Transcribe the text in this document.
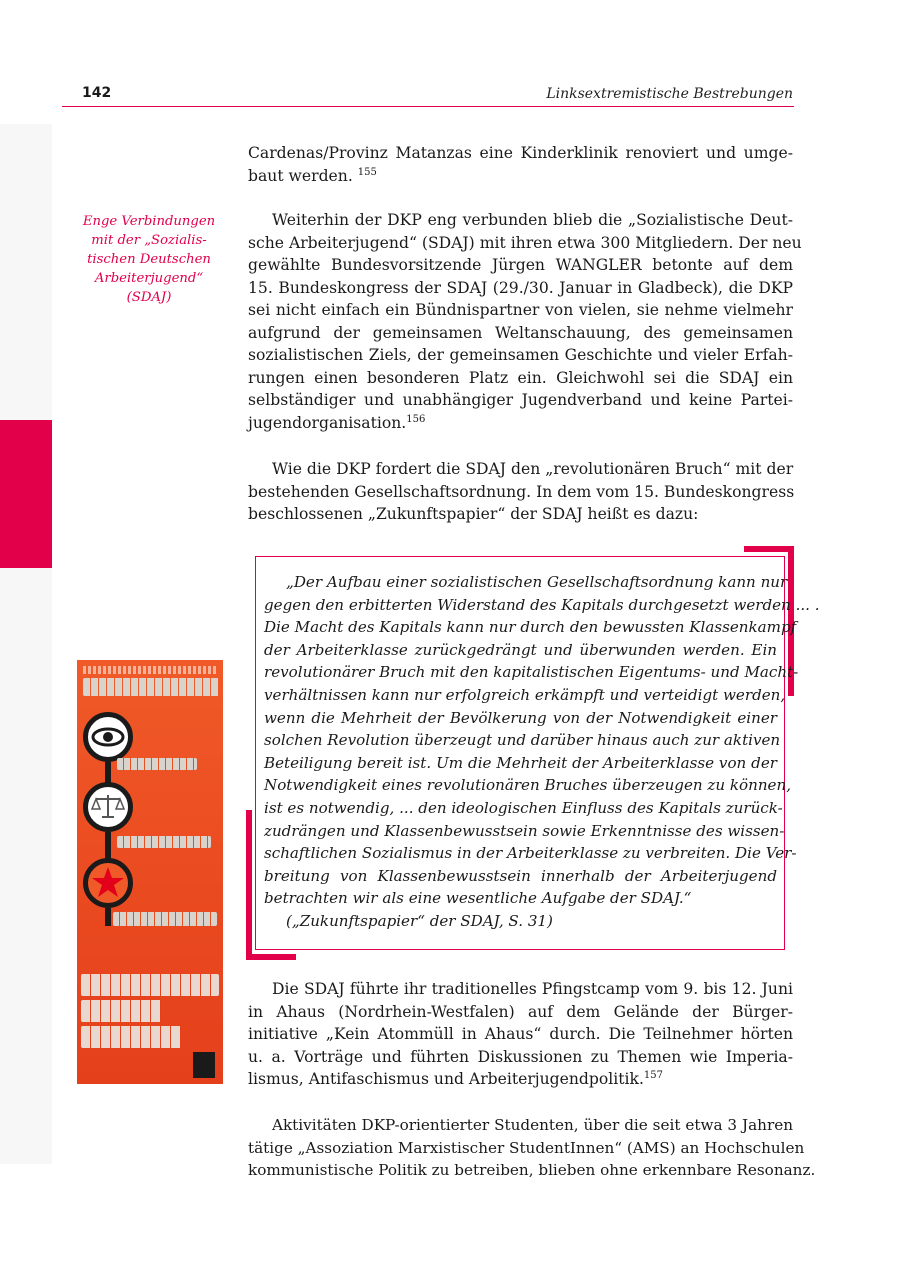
142	Linksextremistische Bestrebungen
Enge Verbindungen
mit der „Sozialis-
tischen Deutschen
Arbeiterjugend“
(SDAJ)
Cardenas/Provinz Matanzas eine Kinderklinik renoviert und umge-
baut werden. $^{155}$
Weiterhin der DKP eng verbunden blieb die „Sozialistische Deut-
sche Arbeiterjugend“ (SDAJ) mit ihren etwa 300 Mitgliedern. Der neu
gewählte Bundesvorsitzende Jürgen WANGLER betonte auf dem
15. Bundeskongress der SDAJ (29./30. Januar in Gladbeck), die DKP
sei nicht einfach ein Bündnispartner von vielen, sie nehme vielmehr
aufgrund der gemeinsamen Weltanschauung, des gemeinsamen
sozialistischen Ziels, der gemeinsamen Geschichte und vieler Erfah-
rungen einen besonderen Platz ein. Gleichwohl sei die SDAJ ein
selbständiger und unabhängiger Jugendverband und keine Partei-
jugendorganisation.$^{156}$
Wie die DKP fordert die SDAJ den „revolutionären Bruch“ mit der
bestehenden Gesellschaftsordnung. In dem vom 15. Bundeskongress
beschlossenen „Zukunftspapier“ der SDAJ heißt es dazu:
„Der Aufbau einer sozialistischen Gesellschaftsordnung kann nur
gegen den erbitterten Widerstand des Kapitals durchgesetzt werden ... .
Die Macht des Kapitals kann nur durch den bewussten Klassenkampf
der Arbeiterklasse zurückgedrängt und überwunden werden. Ein
revolutionärer Bruch mit den kapitalistischen Eigentums- und Macht-
verhältnissen kann nur erfolgreich erkämpft und verteidigt werden,
wenn die Mehrheit der Bevölkerung von der Notwendigkeit einer
solchen Revolution überzeugt und darüber hinaus auch zur aktiven
Beteiligung bereit ist. Um die Mehrheit der Arbeiterklasse von der
Notwendigkeit eines revolutionären Bruches überzeugen zu können,
ist es notwendig, ... den ideologischen Einfluss des Kapitals zurück-
zudrängen und Klassenbewusstsein sowie Erkenntnisse des wissen-
schaftlichen Sozialismus in der Arbeiterklasse zu verbreiten. Die Ver-
breitung von Klassenbewusstsein innerhalb der Arbeiterjugend
betrachten wir als eine wesentliche Aufgabe der SDAJ.“
(„Zukunftspapier“ der SDAJ, S. 31)
Die SDAJ führte ihr traditionelles Pfingstcamp vom 9. bis 12. Juni
in Ahaus (Nordrhein-Westfalen) auf dem Gelände der Bürger-
initiative „Kein Atommüll in Ahaus“ durch. Die Teilnehmer hörten
u. a. Vorträge und führten Diskussionen zu Themen wie Imperia-
lismus, Antifaschismus und Arbeiterjugendpolitik.$^{157}$
Aktivitäten DKP-orientierter Studenten, über die seit etwa 3 Jahren
tätige „Assoziation Marxistischer StudentInnen“ (AMS) an Hochschulen
kommunistische Politik zu betreiben, blieben ohne erkennbare Resonanz.
